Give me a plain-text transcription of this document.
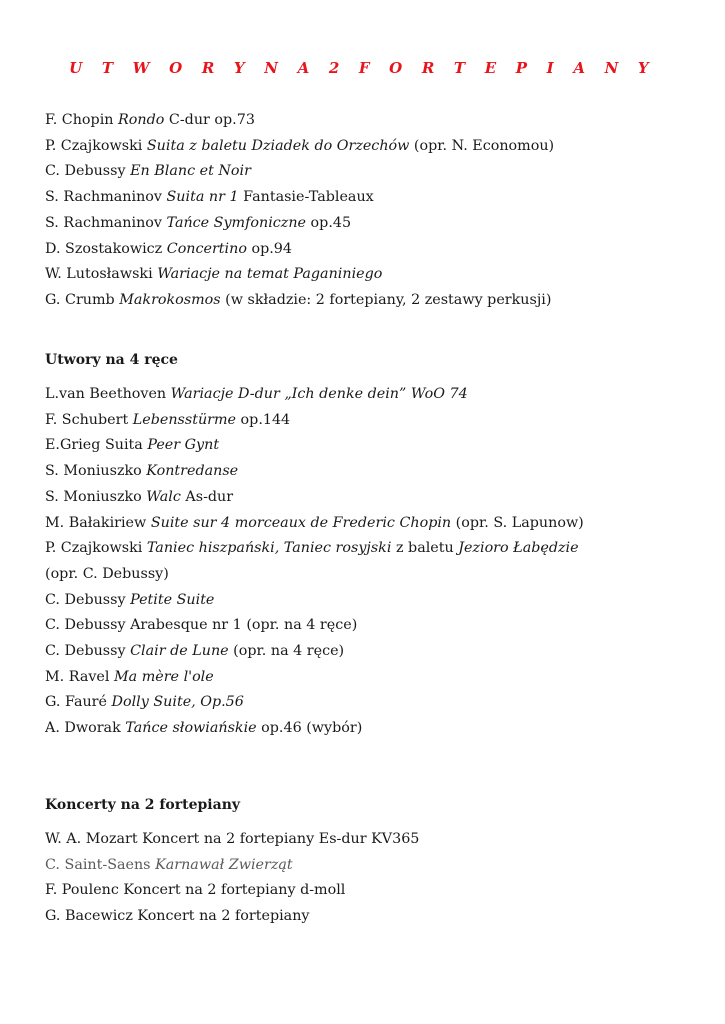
U T W O R Y N A 2 F O R T E P I A N Y
F. Chopin Rondo C-dur op.73
P. Czajkowski Suita z baletu Dziadek do Orzechów (opr. N. Economou)
C. Debussy En Blanc et Noir
S. Rachmaninov Suita nr 1 Fantasie-Tableaux
S. Rachmaninov Tańce Symfoniczne op.45
D. Szostakowicz Concertino op.94
W. Lutosławski Wariacje na temat Paganiniego
G. Crumb Makrokosmos (w składzie: 2 fortepiany, 2 zestawy perkusji)
Utwory na 4 ręce
L.van Beethoven Wariacje D-dur „Ich denke dein” WoO 74
F. Schubert Lebensstürme op.144
E.Grieg Suita Peer Gynt
S. Moniuszko Kontredanse
S. Moniuszko Walc As-dur
M. Bałakiriew Suite sur 4 morceaux de Frederic Chopin (opr. S. Lapunow)
P. Czajkowski Taniec hiszpański, Taniec rosyjski z baletu Jezioro Łabędzie
(opr. C. Debussy)
C. Debussy Petite Suite
C. Debussy Arabesque nr 1 (opr. na 4 ręce)
C. Debussy Clair de Lune (opr. na 4 ręce)
M. Ravel Ma mère l'ole
G. Fauré Dolly Suite, Op.56
A. Dworak Tańce słowiańskie op.46 (wybór)
Koncerty na 2 fortepiany
W. A. Mozart Koncert na 2 fortepiany Es-dur KV365
C. Saint-Saens Karnawał Zwierząt
F. Poulenc Koncert na 2 fortepiany d-moll
G. Bacewicz Koncert na 2 fortepiany
